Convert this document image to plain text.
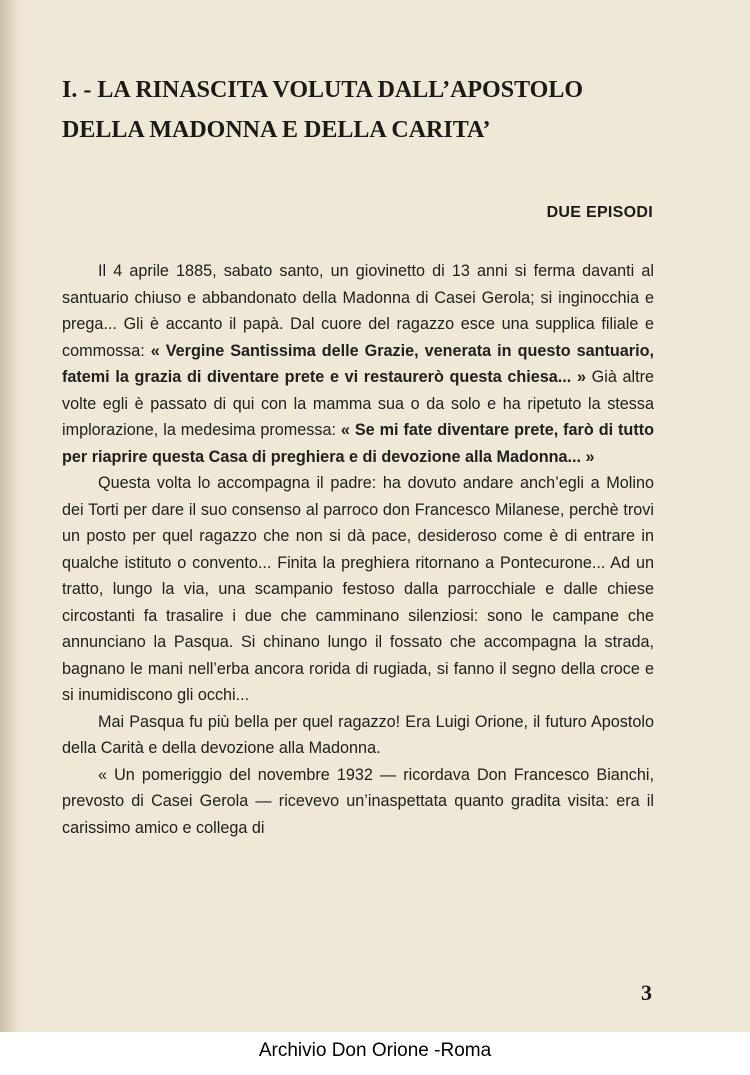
I. - LA RINASCITA VOLUTA DALL’APOSTOLO
DELLA MADONNA E DELLA CARITA’
DUE EPISODI

Il 4 aprile 1885, sabato santo, un giovinetto di 13 anni si ferma davanti al santuario chiuso e abbandonato della Madonna di Casei Gerola; si inginocchia e prega... Gli è accanto il papà. Dal cuore del ragazzo esce una supplica filiale e commossa: « Vergine Santissima delle Grazie, venerata in questo santuario, fatemi la grazia di diventare prete e vi restaurerò questa chiesa... » Già altre volte egli è passato di qui con la mamma sua o da solo e ha ripetuto la stessa implorazione, la medesima promessa: « Se mi fate diventare prete, farò di tutto per riaprire questa Casa di preghiera e di devozione alla Madonna... »

Questa volta lo accompagna il padre: ha dovuto andare anch’egli a Molino dei Torti per dare il suo consenso al parroco don Francesco Milanese, perchè trovi un posto per quel ragazzo che non si dà pace, desideroso come è di entrare in qualche istituto o convento... Finita la preghiera ritornano a Pontecurone... Ad un tratto, lungo la via, una scampanio festoso dalla parrocchiale e dalle chiese circostanti fa trasalire i due che camminano silenziosi: sono le campane che annunciano la Pasqua. Si chinano lungo il fossato che accompagna la strada, bagnano le mani nell’erba ancora rorida di rugiada, si fanno il segno della croce e si inumidiscono gli occhi...

Mai Pasqua fu più bella per quel ragazzo! Era Luigi Orione, il futuro Apostolo della Carità e della devozione alla Madonna.

« Un pomeriggio del novembre 1932 — ricordava Don Francesco Bianchi, prevosto di Casei Gerola — ricevevo un’inaspettata quanto gradita visita: era il carissimo amico e collega di

3
Archivio Don Orione -Roma
